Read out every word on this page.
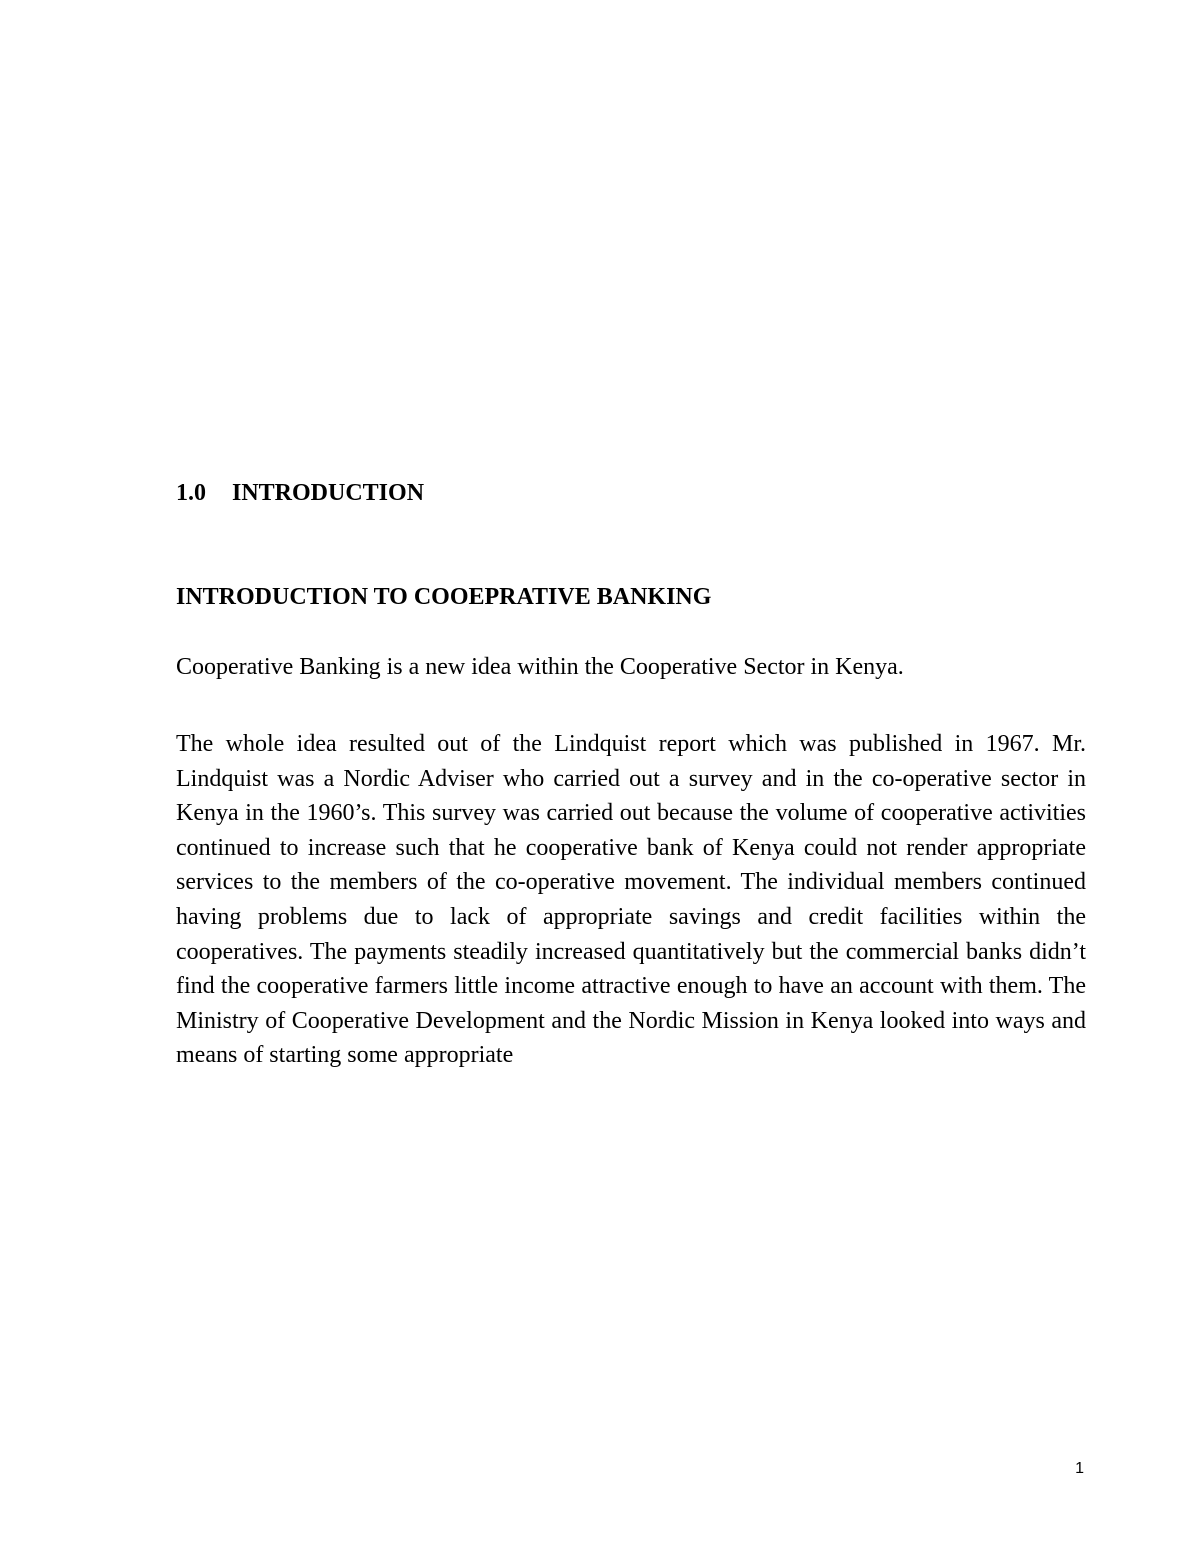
1.0 INTRODUCTION
INTRODUCTION TO COOEPRATIVE BANKING
Cooperative Banking is a new idea within the Cooperative Sector in Kenya.
The whole idea resulted out of the Lindquist report which was published in 1967. Mr. Lindquist was a Nordic Adviser who carried out a survey and in the co-operative sector in Kenya in the 1960’s. This survey was carried out because the volume of cooperative activities continued to increase such that he cooperative bank of Kenya could not render appropriate services to the members of the co-operative movement. The individual members continued having problems due to lack of appropriate savings and credit facilities within the cooperatives. The payments steadily increased quantitatively but the commercial banks didn’t find the cooperative farmers little income attractive enough to have an account with them. The Ministry of Cooperative Development and the Nordic Mission in Kenya looked into ways and means of starting some appropriate
1
